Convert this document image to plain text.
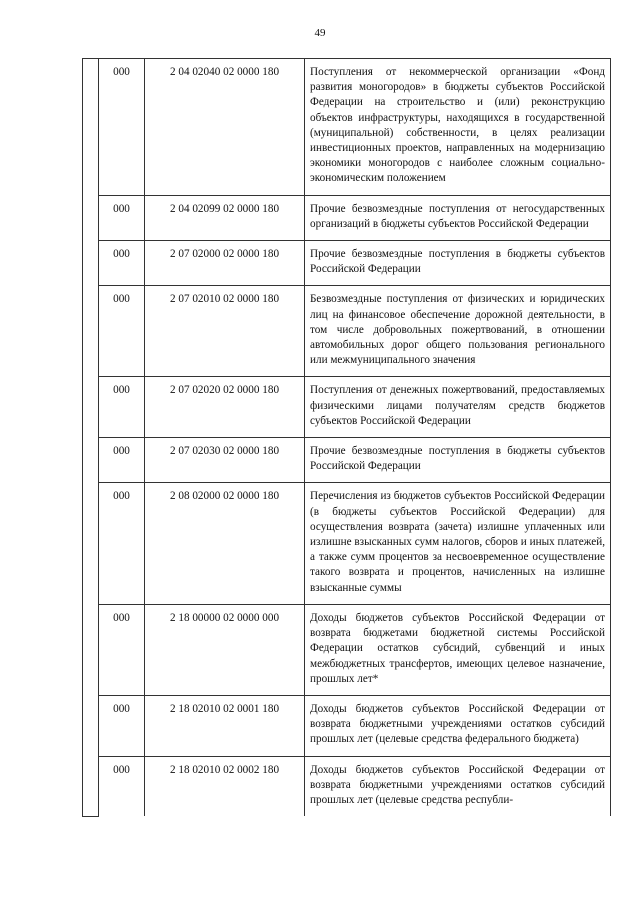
49
	000	2 04 02040 02 0000 180	Поступления от некоммерческой организации «Фонд развития моногородов» в бюджеты субъектов Российской Федерации на строительство и (или) реконструкцию объектов инфраструктуры, находящихся в государственной (муниципальной) собственности, в целях реализации инвестиционных проектов, направленных на модернизацию экономики моногородов с наиболее сложным социально-экономическим положением
	000	2 04 02099 02 0000 180	Прочие безвозмездные поступления от негосударственных организаций в бюджеты субъектов Российской Федерации
	000	2 07 02000 02 0000 180	Прочие безвозмездные поступления в бюджеты субъектов Российской Федерации
	000	2 07 02010 02 0000 180	Безвозмездные поступления от физических и юридических лиц на финансовое обеспечение дорожной деятельности, в том числе добровольных пожертвований, в отношении автомобильных дорог общего пользования регионального или межмуниципального значения
	000	2 07 02020 02 0000 180	Поступления от денежных пожертвований, предоставляемых физическими лицами получателям средств бюджетов субъектов Российской Федерации
	000	2 07 02030 02 0000 180	Прочие безвозмездные поступления в бюджеты субъектов Российской Федерации
	000	2 08 02000 02 0000 180	Перечисления из бюджетов субъектов Российской Федерации (в бюджеты субъектов Российской Федерации) для осуществления возврата (зачета) излишне уплаченных или излишне взысканных сумм налогов, сборов и иных платежей, а также сумм процентов за несвоевременное осуществление такого возврата и процентов, начисленных на излишне взысканные суммы
	000	2 18 00000 02 0000 000	Доходы бюджетов субъектов Российской Федерации от возврата бюджетами бюджетной системы Российской Федерации остатков субсидий, субвенций и иных межбюджетных трансфертов, имеющих целевое назначение, прошлых лет*
	000	2 18 02010 02 0001 180	Доходы бюджетов субъектов Российской Федерации от возврата бюджетными учреждениями остатков субсидий прошлых лет (целевые средства федерального бюджета)
	000	2 18 02010 02 0002 180	Доходы бюджетов субъектов Российской Федерации от возврата бюджетными учреждениями остатков субсидий прошлых лет (целевые средства республи-
